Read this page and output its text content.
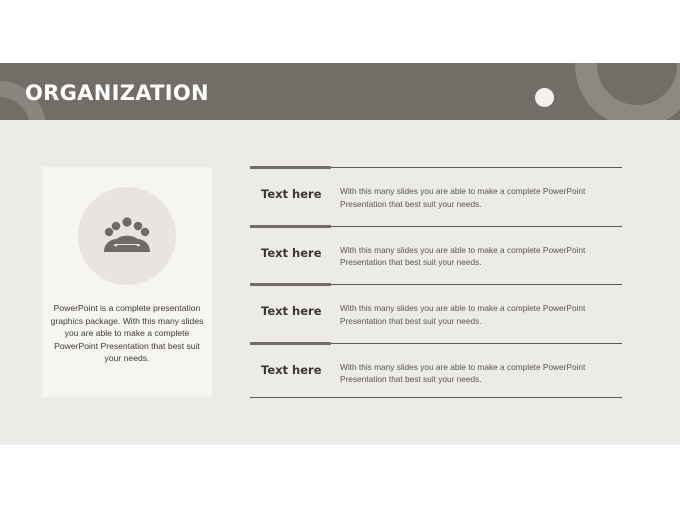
ORGANIZATION
PowerPoint is a complete presentation graphics package. With this many slides you are able to make a complete PowerPoint Presentation that best suit your needs.
Text here With this many slides you are able to make a complete PowerPoint Presentation that best suit your needs.
Text here With this many slides you are able to make a complete PowerPoint Presentation that best suit your needs.
Text here With this many slides you are able to make a complete PowerPoint Presentation that best suit your needs.
Text here With this many slides you are able to make a complete PowerPoint Presentation that best suit your needs.
